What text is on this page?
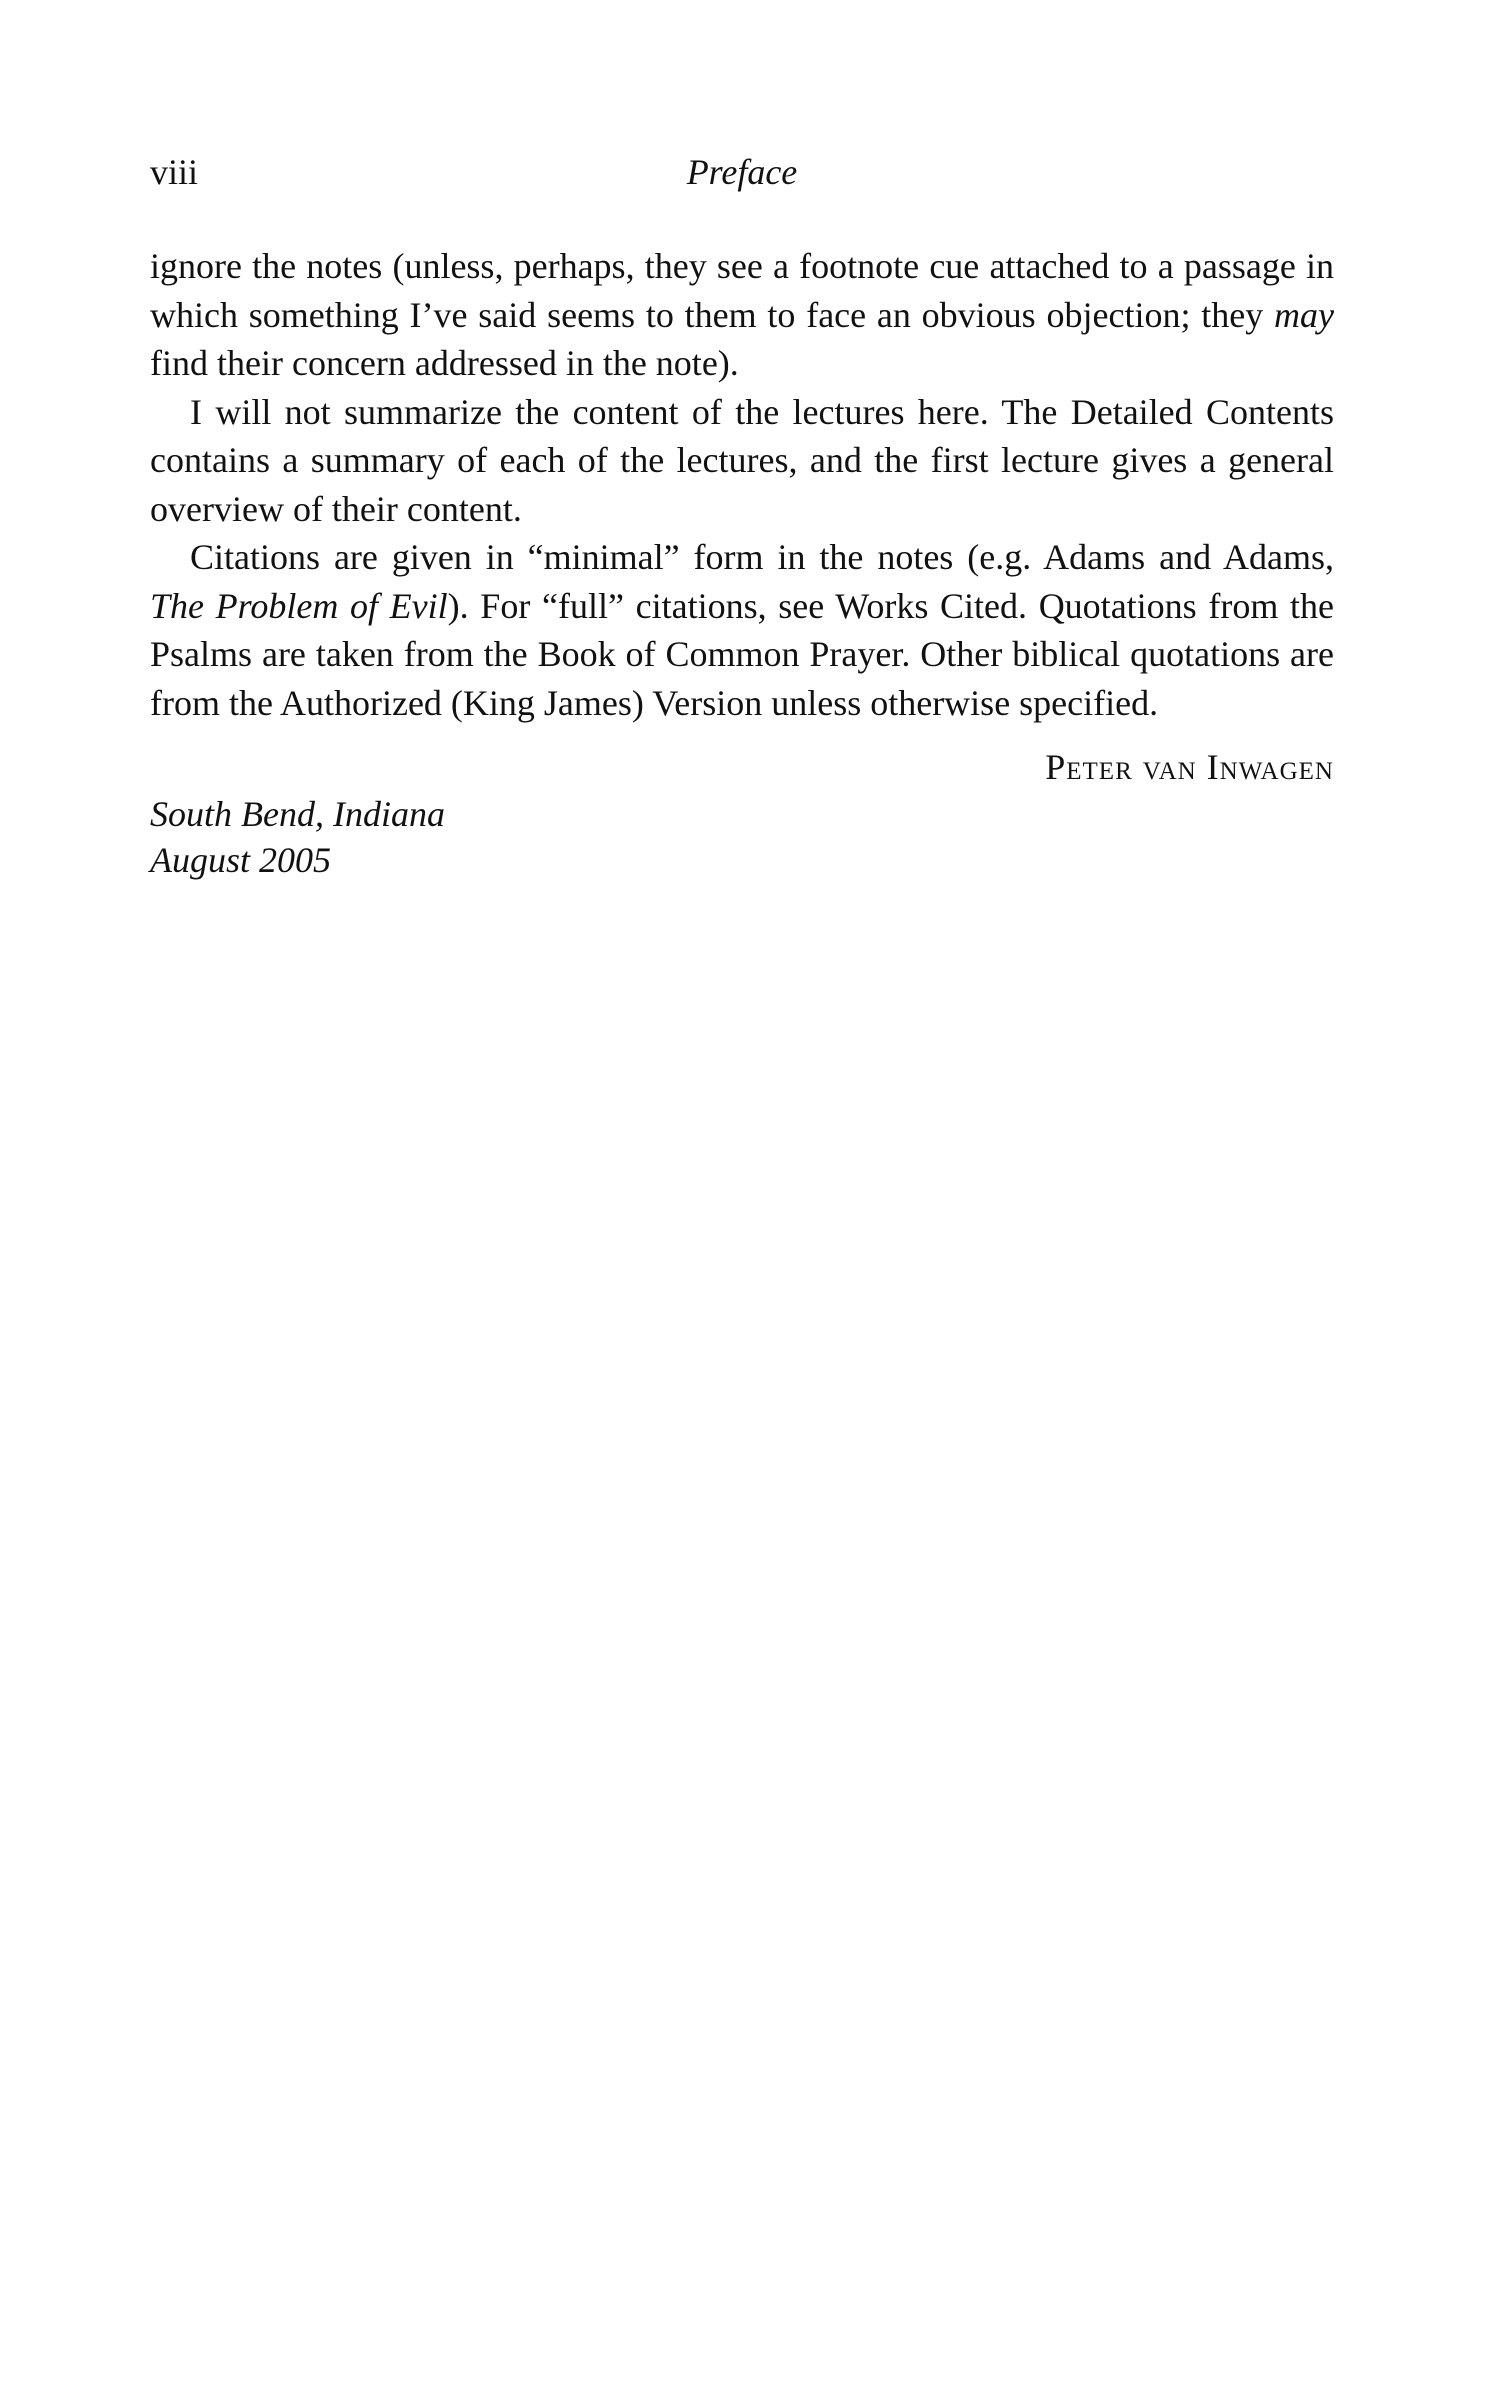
viii	Preface

ignore the notes (unless, perhaps, they see a footnote cue attached to a passage in which something I’ve said seems to them to face an obvious objection; they may find their concern addressed in the note).

I will not summarize the content of the lectures here. The Detailed Contents contains a summary of each of the lectures, and the first lecture gives a general overview of their content.

Citations are given in “minimal” form in the notes (e.g. Adams and Adams, The Problem of Evil). For “full” citations, see Works Cited. Quotations from the Psalms are taken from the Book of Common Prayer. Other biblical quotations are from the Authorized (King James) Version unless otherwise specified.

Peter van Inwagen
South Bend, Indiana
August 2005
